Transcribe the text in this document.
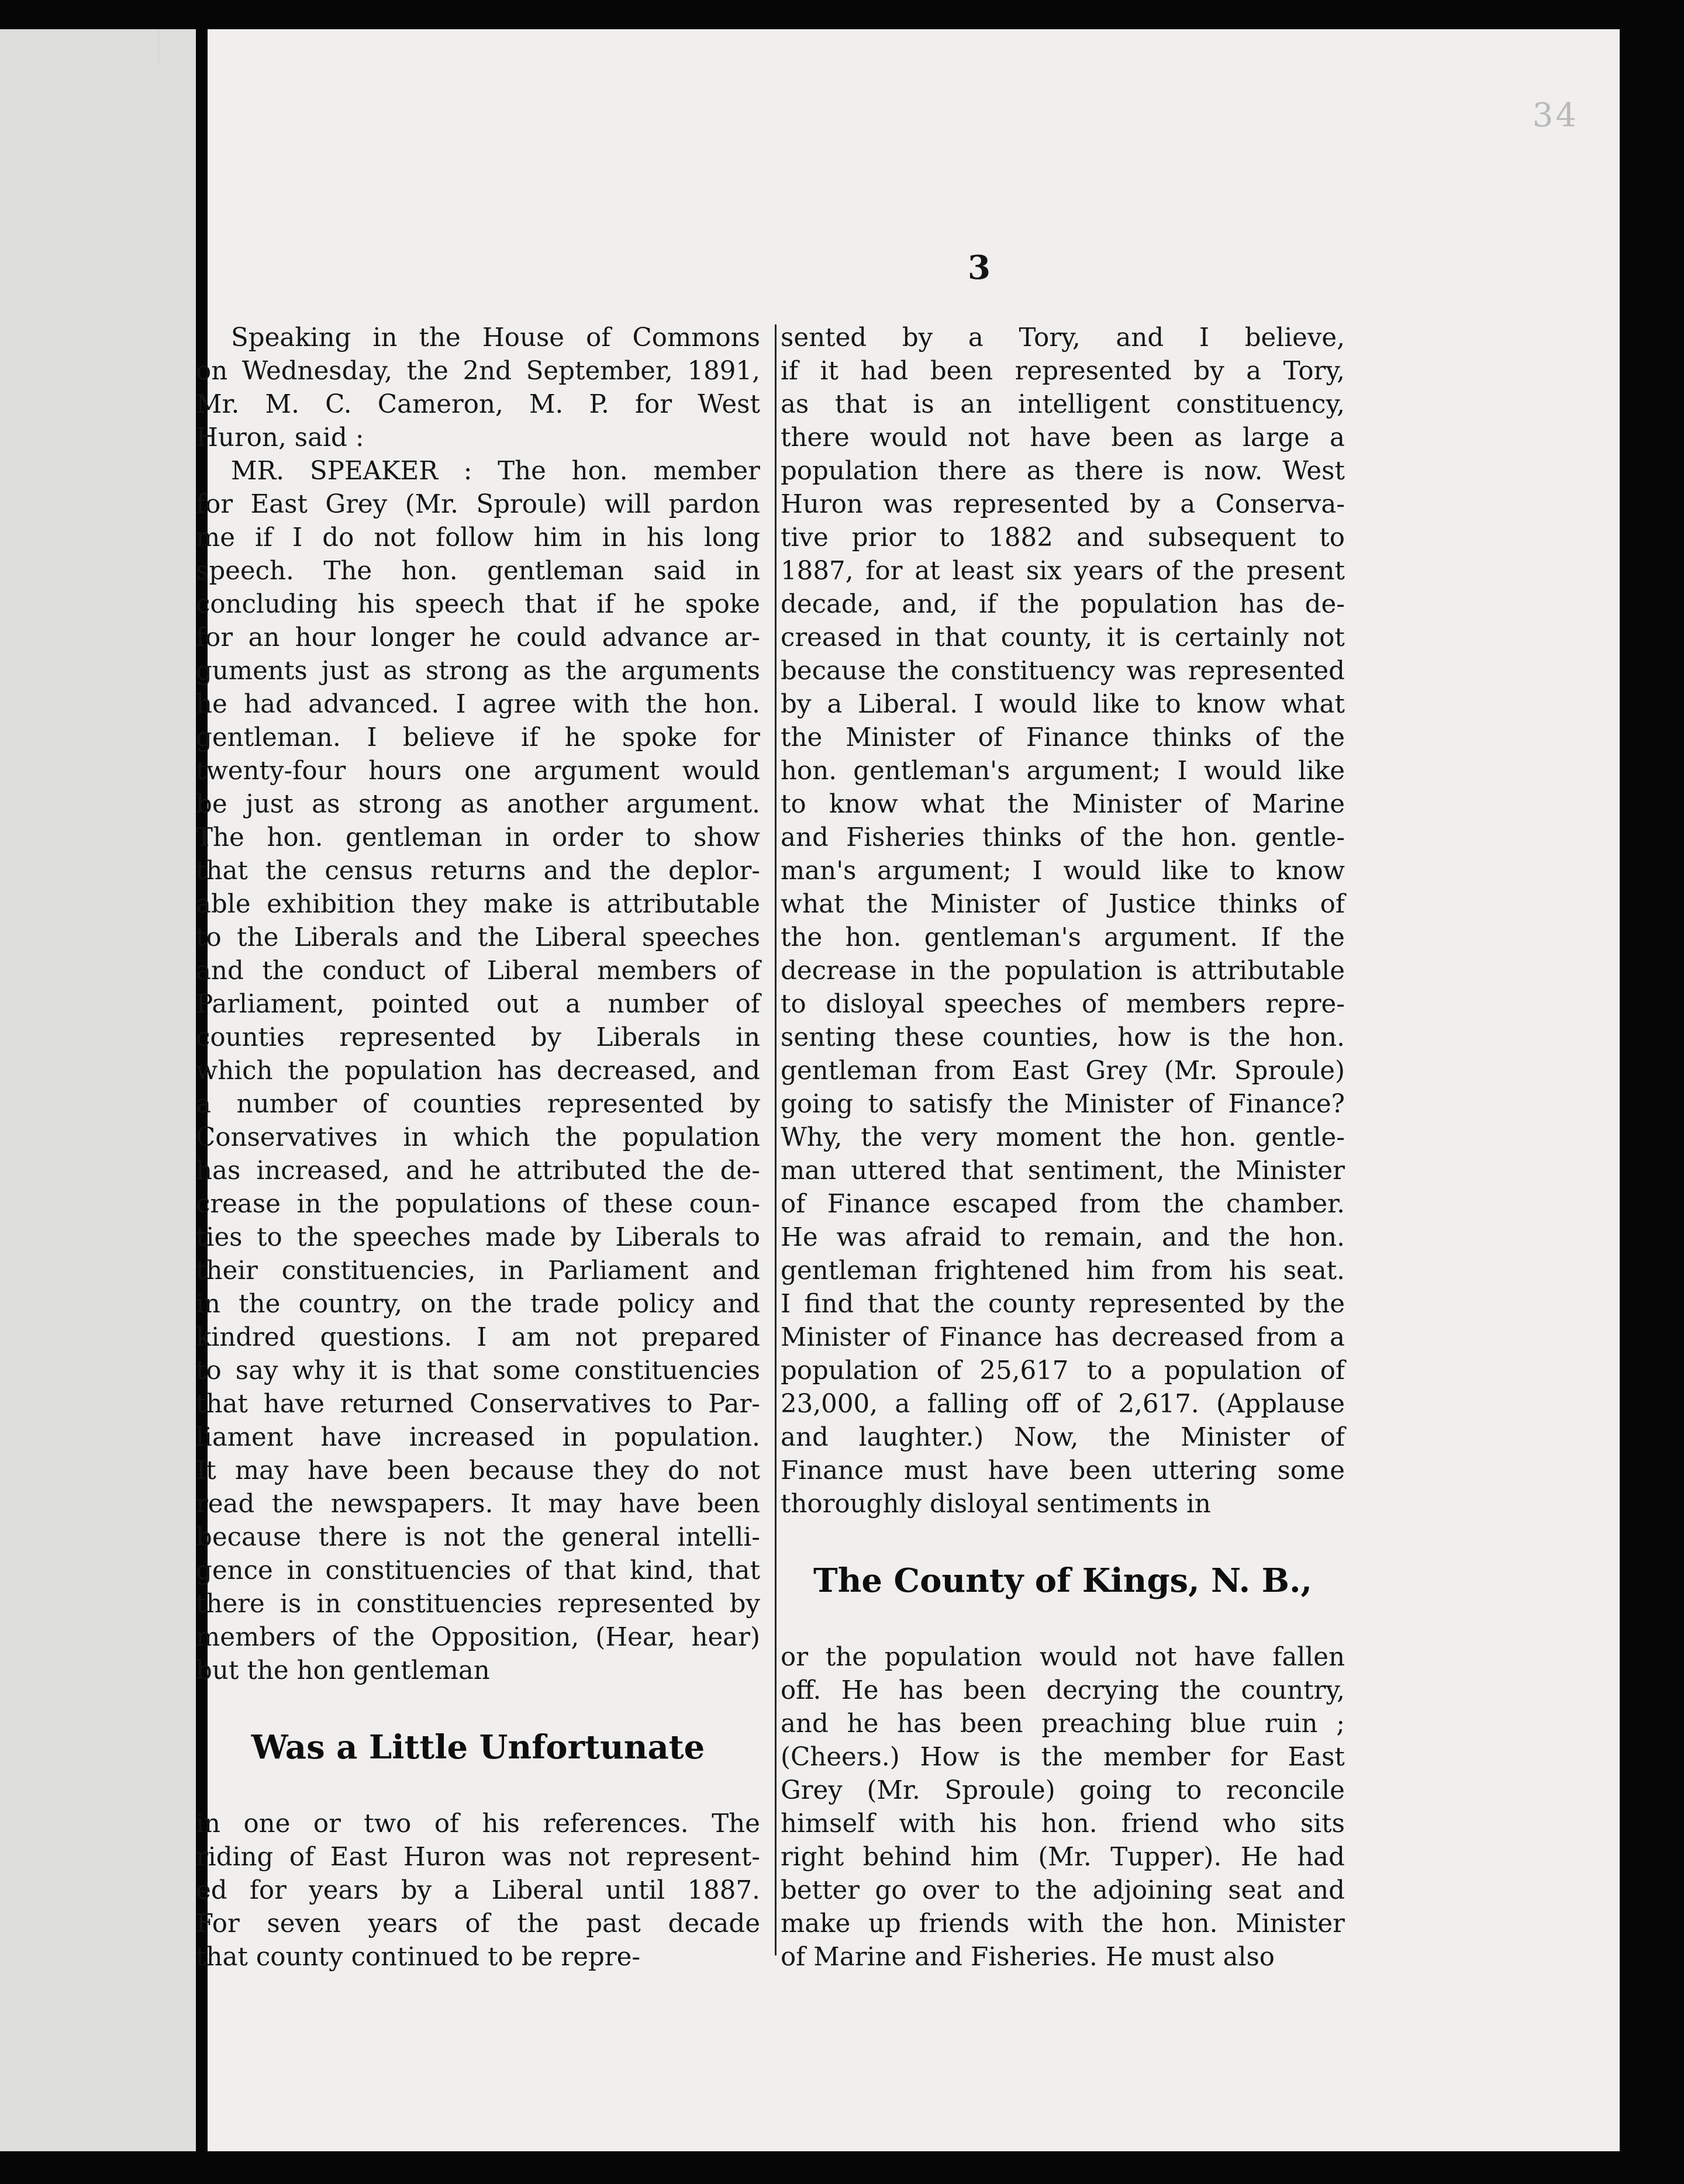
34
3
Speaking in the House of Commons
on Wednesday, the 2nd September, 1891,
Mr. M. C. Cameron, M. P. for West
Huron, said :
MR. SPEAKER : The hon. member
for East Grey (Mr. Sproule) will pardon
me if I do not follow him in his long
speech. The hon. gentleman said in
concluding his speech that if he spoke
for an hour longer he could advance ar-
guments just as strong as the arguments
he had advanced. I agree with the hon.
gentleman. I believe if he spoke for
twenty-four hours one argument would
be just as strong as another argument.
The hon. gentleman in order to show
that the census returns and the deplor-
able exhibition they make is attributable
to the Liberals and the Liberal speeches
and the conduct of Liberal members of
Parliament, pointed out a number of
counties represented by Liberals in
which the population has decreased, and
a number of counties represented by
Conservatives in which the population
has increased, and he attributed the de-
crease in the populations of these coun-
ties to the speeches made by Liberals to
their constituencies, in Parliament and
in the country, on the trade policy and
kindred questions. I am not prepared
to say why it is that some constituencies
that have returned Conservatives to Par-
liament have increased in population.
It may have been because they do not
read the newspapers. It may have been
because there is not the general intelli-
gence in constituencies of that kind, that
there is in constituencies represented by
members of the Opposition, (Hear, hear)
but the hon gentleman
Was a Little Unfortunate
in one or two of his references. The
riding of East Huron was not represent-
ed for years by a Liberal until 1887.
For seven years of the past decade
that county continued to be repre-
sented by a Tory, and I believe,
if it had been represented by a Tory,
as that is an intelligent constituency,
there would not have been as large a
population there as there is now. West
Huron was represented by a Conserva-
tive prior to 1882 and subsequent to
1887, for at least six years of the present
decade, and, if the population has de-
creased in that county, it is certainly not
because the constituency was represented
by a Liberal. I would like to know what
the Minister of Finance thinks of the
hon. gentleman's argument; I would like
to know what the Minister of Marine
and Fisheries thinks of the hon. gentle-
man's argument; I would like to know
what the Minister of Justice thinks of
the hon. gentleman's argument. If the
decrease in the population is attributable
to disloyal speeches of members repre-
senting these counties, how is the hon.
gentleman from East Grey (Mr. Sproule)
going to satisfy the Minister of Finance?
Why, the very moment the hon. gentle-
man uttered that sentiment, the Minister
of Finance escaped from the chamber.
He was afraid to remain, and the hon.
gentleman frightened him from his seat.
I find that the county represented by the
Minister of Finance has decreased from a
population of 25,617 to a population of
23,000, a falling off of 2,617. (Applause
and laughter.) Now, the Minister of
Finance must have been uttering some
thoroughly disloyal sentiments in
The County of Kings, N. B.,
or the population would not have fallen
off. He has been decrying the country,
and he has been preaching blue ruin ;
(Cheers.) How is the member for East
Grey (Mr. Sproule) going to reconcile
himself with his hon. friend who sits
right behind him (Mr. Tupper). He had
better go over to the adjoining seat and
make up friends with the hon. Minister
of Marine and Fisheries. He must also
